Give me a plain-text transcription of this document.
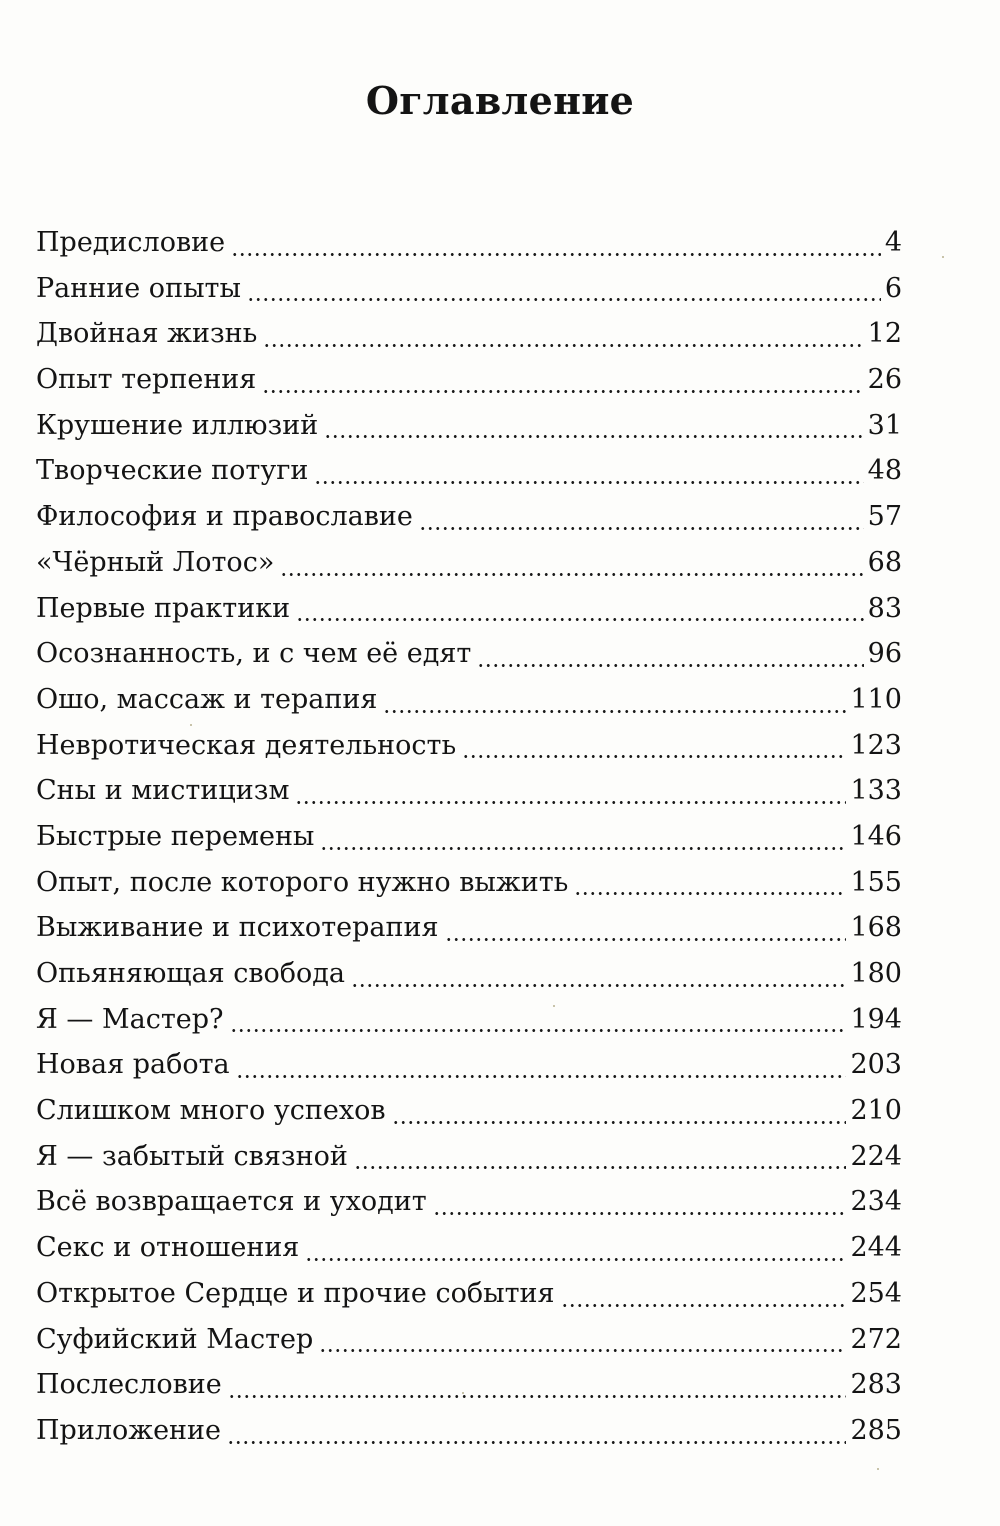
Оглавление
Предисловие	4
Ранние опыты	6
Двойная жизнь	12
Опыт терпения	26
Крушение иллюзий	31
Творческие потуги	48
Философия и православие	57
«Чёрный Лотос»	68
Первые практики	83
Осознанность, и с чем её едят	96
Ошо, массаж и терапия	110
Невротическая деятельность	123
Сны и мистицизм	133
Быстрые перемены	146
Опыт, после которого нужно выжить	155
Выживание и психотерапия	168
Опьяняющая свобода	180
Я — Мастер?	194
Новая работа	203
Слишком много успехов	210
Я — забытый связной	224
Всё возвращается и уходит	234
Секс и отношения	244
Открытое Сердце и прочие события	254
Суфийский Мастер	272
Послесловие	283
Приложение	285
